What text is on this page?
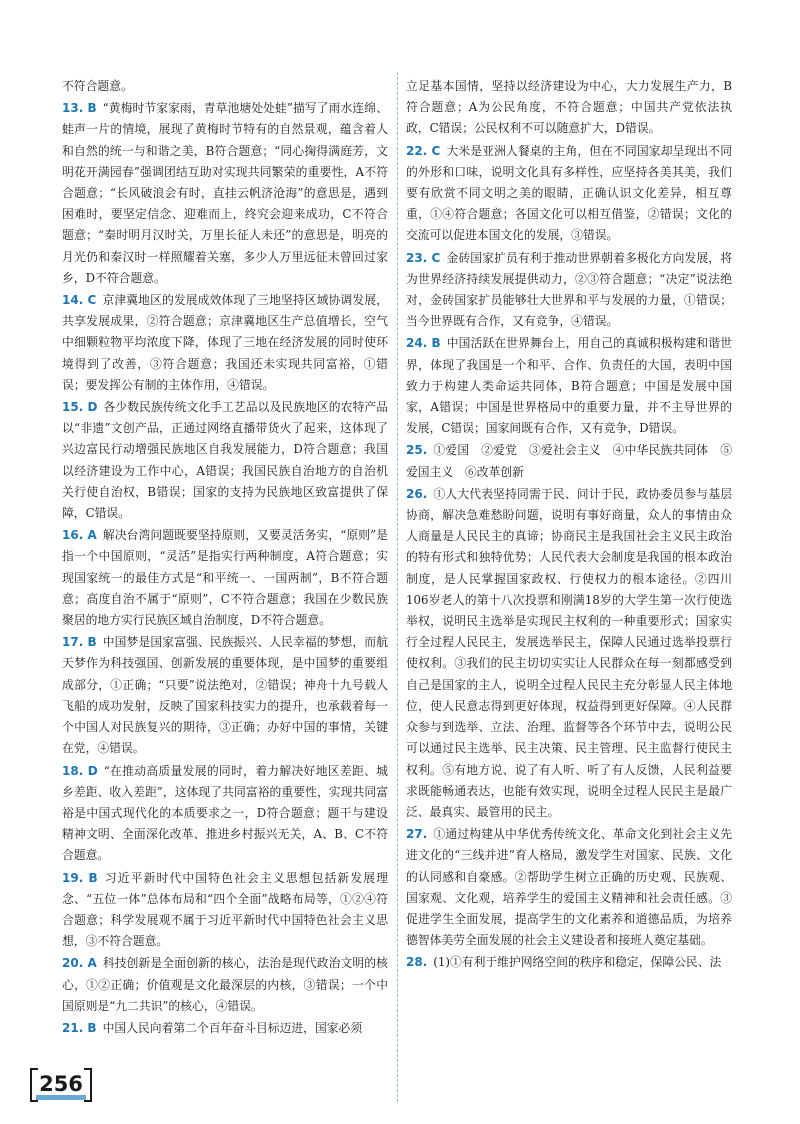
不符合题意。

13. B “黄梅时节家家雨，青草池塘处处蛙”描写了雨水连绵、蛙声一片的情境，展现了黄梅时节特有的自然景观，蕴含着人和自然的统一与和谐之美，B符合题意；“同心掬得满庭芳，文明花开满园春”强调团结互助对实现共同繁荣的重要性，A不符合题意；“长风破浪会有时，直挂云帆济沧海”的意思是，遇到困难时，要坚定信念、迎难而上，终究会迎来成功，C不符合题意；“秦时明月汉时关，万里长征人未还”的意思是，明亮的月光仍和秦汉时一样照耀着关塞，多少人万里远征未曾回过家乡，D不符合题意。

14. C 京津冀地区的发展成效体现了三地坚持区域协调发展，共享发展成果，②符合题意；京津冀地区生产总值增长，空气中细颗粒物平均浓度下降，体现了三地在经济发展的同时使环境得到了改善，③符合题意；我国还未实现共同富裕，①错误；要发挥公有制的主体作用，④错误。

15. D 各少数民族传统文化手工艺品以及民族地区的农特产品以“非遗”文创产品，正通过网络直播带货火了起来，这体现了兴边富民行动增强民族地区自我发展能力，D符合题意；我国以经济建设为工作中心，A错误；我国民族自治地方的自治机关行使自治权，B错误；国家的支持为民族地区致富提供了保障，C错误。

16. A 解决台湾问题既要坚持原则，又要灵活务实，“原则”是指一个中国原则，“灵活”是指实行两种制度，A符合题意；实现国家统一的最佳方式是“和平统一、一国两制”，B不符合题意；高度自治不属于“原则”，C不符合题意；我国在少数民族聚居的地方实行民族区域自治制度，D不符合题意。

17. B 中国梦是国家富强、民族振兴、人民幸福的梦想，而航天梦作为科技强国、创新发展的重要体现，是中国梦的重要组成部分，①正确；“只要”说法绝对，②错误；神舟十九号载人飞船的成功发射，反映了国家科技实力的提升，也承载着每一个中国人对民族复兴的期待，③正确；办好中国的事情，关键在党，④错误。

18. D “在推动高质量发展的同时，着力解决好地区差距、城乡差距、收入差距”，这体现了共同富裕的重要性，实现共同富裕是中国式现代化的本质要求之一，D符合题意；题干与建设精神文明、全面深化改革、推进乡村振兴无关，A、B、C不符合题意。

19. B 习近平新时代中国特色社会主义思想包括新发展理念、“五位一体”总体布局和“四个全面”战略布局等，①②④符合题意；科学发展观不属于习近平新时代中国特色社会主义思想，③不符合题意。

20. A 科技创新是全面创新的核心，法治是现代政治文明的核心，①②正确；价值观是文化最深层的内核，③错误；一个中国原则是“九二共识”的核心，④错误。

21. B 中国人民向着第二个百年奋斗目标迈进，国家必须

立足基本国情，坚持以经济建设为中心，大力发展生产力，B符合题意；A为公民角度，不符合题意；中国共产党依法执政，C错误；公民权利不可以随意扩大，D错误。

22. C 大米是亚洲人餐桌的主角，但在不同国家却呈现出不同的外形和口味，说明文化具有多样性，应坚持各美其美，我们要有欣赏不同文明之美的眼睛，正确认识文化差异，相互尊重，①④符合题意；各国文化可以相互借鉴，②错误；文化的交流可以促进本国文化的发展，③错误。

23. C 金砖国家扩员有利于推动世界朝着多极化方向发展，将为世界经济持续发展提供动力，②③符合题意；“决定”说法绝对，金砖国家扩员能够壮大世界和平与发展的力量，①错误；当今世界既有合作，又有竞争，④错误。

24. B 中国活跃在世界舞台上，用自己的真诚积极构建和谐世界，体现了我国是一个和平、合作、负责任的大国，表明中国致力于构建人类命运共同体，B符合题意；中国是发展中国家，A错误；中国是世界格局中的重要力量，并不主导世界的发展，C错误；国家间既有合作，又有竞争，D错误。

25. ①爱国　②爱党　③爱社会主义　④中华民族共同体　⑤爱国主义　⑥改革创新

26. ①人大代表坚持同需于民、问计于民，政协委员参与基层协商，解决急难愁盼问题，说明有事好商量，众人的事情由众人商量是人民民主的真谛；协商民主是我国社会主义民主政治的特有形式和独特优势；人民代表大会制度是我国的根本政治制度，是人民掌握国家政权、行使权力的根本途径。②四川106岁老人的第十八次投票和刚满18岁的大学生第一次行使选举权，说明民主选举是实现民主权利的一种重要形式；国家实行全过程人民民主，发展选举民主，保障人民通过选举投票行使权利。③我们的民主切切实实让人民群众在每一刻都感受到自己是国家的主人，说明全过程人民民主充分彰显人民主体地位，使人民意志得到更好体现，权益得到更好保障。④人民群众参与到选举、立法、治理、监督等各个环节中去，说明公民可以通过民主选举、民主决策、民主管理、民主监督行使民主权利。⑤有地方说、说了有人听、听了有人反馈，人民利益要求既能畅通表达，也能有效实现，说明全过程人民民主是最广泛、最真实、最管用的民主。

27. ①通过构建从中华优秀传统文化、革命文化到社会主义先进文化的“三线并进”育人格局，激发学生对国家、民族、文化的认同感和自豪感。②帮助学生树立正确的历史观、民族观、国家观、文化观，培养学生的爱国主义精神和社会责任感。③促进学生全面发展，提高学生的文化素养和道德品质，为培养德智体美劳全面发展的社会主义建设者和接班人奠定基础。

28. (1)①有利于维护网络空间的秩序和稳定，保障公民、法

256
